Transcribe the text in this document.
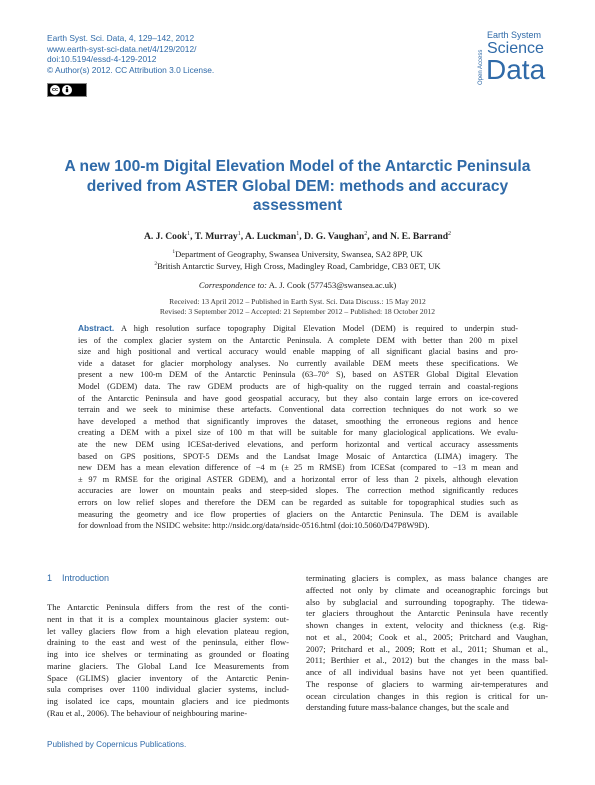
Earth Syst. Sci. Data, 4, 129–142, 2012
www.earth-syst-sci-data.net/4/129/2012/
doi:10.5194/essd-4-129-2012
© Author(s) 2012. CC Attribution 3.0 License.
cc
Open Access
Earth System
Science
Data
A new 100-m Digital Elevation Model of the Antarctic Peninsula derived from ASTER Global DEM: methods and accuracy assessment
A. J. Cook$^1$, T. Murray$^1$, A. Luckman$^1$, D. G. Vaughan$^2$, and N. E. Barrand$^2$
$^1$Department of Geography, Swansea University, Swansea, SA2 8PP, UK
$^2$British Antarctic Survey, High Cross, Madingley Road, Cambridge, CB3 0ET, UK
Correspondence to: A. J. Cook (577453@swansea.ac.uk)
Received: 13 April 2012 – Published in Earth Syst. Sci. Data Discuss.: 15 May 2012
Revised: 3 September 2012 – Accepted: 21 September 2012 – Published: 18 October 2012
Abstract. A high resolution surface topography Digital Elevation Model (DEM) is required to underpin stud-
ies of the complex glacier system on the Antarctic Peninsula. A complete DEM with better than 200 m pixel
size and high positional and vertical accuracy would enable mapping of all significant glacial basins and pro-
vide a dataset for glacier morphology analyses. No currently available DEM meets these specifications. We
present a new 100-m DEM of the Antarctic Peninsula (63–70° S), based on ASTER Global Digital Elevation
Model (GDEM) data. The raw GDEM products are of high-quality on the rugged terrain and coastal-regions
of the Antarctic Peninsula and have good geospatial accuracy, but they also contain large errors on ice-covered
terrain and we seek to minimise these artefacts. Conventional data correction techniques do not work so we
have developed a method that significantly improves the dataset, smoothing the erroneous regions and hence
creating a DEM with a pixel size of 100 m that will be suitable for many glaciological applications. We evalu-
ate the new DEM using ICESat-derived elevations, and perform horizontal and vertical accuracy assessments
based on GPS positions, SPOT-5 DEMs and the Landsat Image Mosaic of Antarctica (LIMA) imagery. The
new DEM has a mean elevation difference of −4 m (± 25 m RMSE) from ICESat (compared to −13 m mean and
± 97 m RMSE for the original ASTER GDEM), and a horizontal error of less than 2 pixels, although elevation
accuracies are lower on mountain peaks and steep-sided slopes. The correction method significantly reduces
errors on low relief slopes and therefore the DEM can be regarded as suitable for topographical studies such as
measuring the geometry and ice flow properties of glaciers on the Antarctic Peninsula. The DEM is available
for download from the NSIDC website: http://nsidc.org/data/nsidc-0516.html (doi:10.5060/D47P8W9D).
1 Introduction
The Antarctic Peninsula differs from the rest of the conti-
nent in that it is a complex mountainous glacier system: out-
let valley glaciers flow from a high elevation plateau region,
draining to the east and west of the peninsula, either flow-
ing into ice shelves or terminating as grounded or floating
marine glaciers. The Global Land Ice Measurements from
Space (GLIMS) glacier inventory of the Antarctic Penin-
sula comprises over 1100 individual glacier systems, includ-
ing isolated ice caps, mountain glaciers and ice piedmonts
(Rau et al., 2006). The behaviour of neighbouring marine-
terminating glaciers is complex, as mass balance changes are
affected not only by climate and oceanographic forcings but
also by subglacial and surrounding topography. The tidewa-
ter glaciers throughout the Antarctic Peninsula have recently
shown changes in extent, velocity and thickness (e.g. Rig-
not et al., 2004; Cook et al., 2005; Pritchard and Vaughan,
2007; Pritchard et al., 2009; Rott et al., 2011; Shuman et al.,
2011; Berthier et al., 2012) but the changes in the mass bal-
ance of all individual basins have not yet been quantified.
The response of glaciers to warming air-temperatures and
ocean circulation changes in this region is critical for un-
derstanding future mass-balance changes, but the scale and
Published by Copernicus Publications.
